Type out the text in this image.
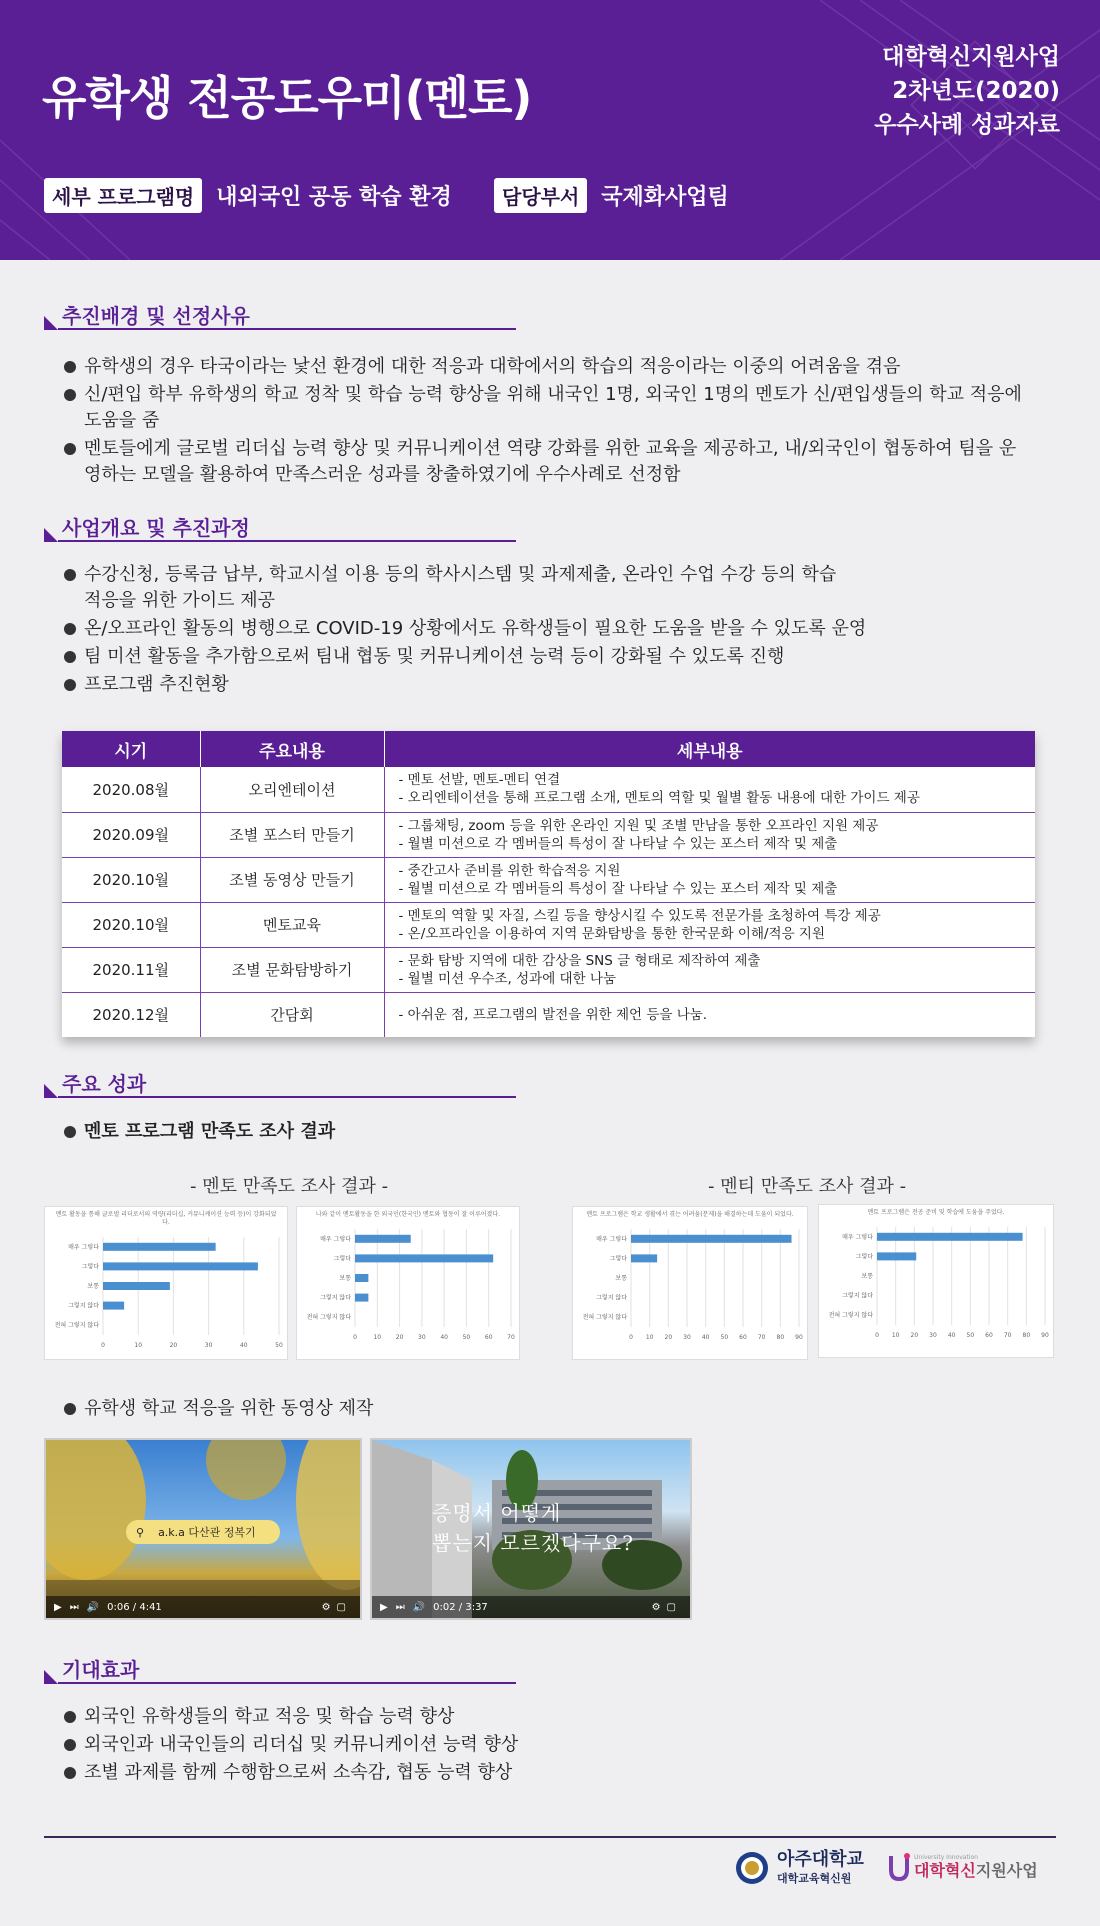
유학생 전공도우미(멘토)
대학혁신지원사업
2차년도(2020)
우수사례 성과자료
세부 프로그램명	내외국인 공동 학습 환경	담당부서	국제화사업팀
추진배경 및 선정사유
유학생의 경우 타국이라는 낯선 환경에 대한 적응과 대학에서의 학습의 적응이라는 이중의 어려움을 겪음
신/편입 학부 유학생의 학교 정착 및 학습 능력 향상을 위해 내국인 1명, 외국인 1명의 멘토가 신/편입생들의 학교 적응에 도움을 줌
멘토들에게 글로벌 리더십 능력 향상 및 커뮤니케이션 역량 강화를 위한 교육을 제공하고, 내/외국인이 협동하여 팀을 운영하는 모델을 활용하여 만족스러운 성과를 창출하였기에 우수사례로 선정함
사업개요 및 추진과정
수강신청, 등록금 납부, 학교시설 이용 등의 학사시스템 및 과제제출, 온라인 수업 수강 등의 학습 적응을 위한 가이드 제공
온/오프라인 활동의 병행으로 COVID-19 상황에서도 유학생들이 필요한 도움을 받을 수 있도록 운영
팀 미션 활동을 추가함으로써 팀내 협동 및 커뮤니케이션 능력 등이 강화될 수 있도록 진행
프로그램 추진현황
시기	주요내용	세부내용
2020.08월	오리엔테이션	- 멘토 선발, 멘토-멘티 연결
- 오리엔테이션을 통해 프로그램 소개, 멘토의 역할 및 월별 활동 내용에 대한 가이드 제공

2020.09월	조별 포스터 만들기	- 그룹채팅, zoom 등을 위한 온라인 지원 및 조별 만남을 통한 오프라인 지원 제공
- 월별 미션으로 각 멤버들의 특성이 잘 나타날 수 있는 포스터 제작 및 제출

2020.10월	조별 동영상 만들기	- 중간고사 준비를 위한 학습적응 지원
- 월별 미션으로 각 멤버들의 특성이 잘 나타날 수 있는 포스터 제작 및 제출

2020.10월	멘토교육	- 멘토의 역할 및 자질, 스킬 등을 향상시킬 수 있도록 전문가를 초청하여 특강 제공
- 온/오프라인을 이용하여 지역 문화탐방을 통한 한국문화 이해/적응 지원

2020.11월	조별 문화탐방하기	- 문화 탐방 지역에 대한 감상을 SNS 글 형태로 제작하여 제출
- 월별 미션 우수조, 성과에 대한 나눔

2020.12월	간담회	- 아쉬운 점, 프로그램의 발전을 위한 제언 등을 나눔.
주요 성과
멘토 프로그램 만족도 조사 결과
- 멘토 만족도 조사 결과 -	- 멘티 만족도 조사 결과 -
멘토 활동을 통해 글로벌 리더로서의 역량(리더십, 커뮤니케이션 능력 등)이 강화되었다.
0	10	20	30	40	50
매우 그렇다
그렇다
보통
그렇지 않다
전혀 그렇지 않다
나와 같이 멘토활동을 한 외국인(한국인) 멘토와 협동이 잘 이루어졌다.
0	10 20 30 40 50 60 70
매우 그렇다
그렇다
보통
그렇지 않다
전혀 그렇지 않다
멘토 프로그램은 학교 생활에서 겪는 어려움(문제)을 해결하는데 도움이 되었다.
0 10 20 30 40 50 60 70 80 90
매우 그렇다
그렇다
보통
그렇지 않다
전혀 그렇지 않다
멘토 프로그램은 전공 준비 및 학습에 도움을 주었다.
0 10 20 30 40 50 60 70 80 90
매우 그렇다
그렇다
보통
그렇지 않다
전혀 그렇지 않다
유학생 학교 적응을 위한 동영상 제작
⚲ a.k.a 다산관 정복기
▶ ⏭ 🔊 0:06 / 4:41	⚙▢
증명서 어떻게
뽑는지 모르겠다구요?
▶ ⏭ 🔊 0:02 / 3:37	⚙▢
기대효과
외국인 유학생들의 학교 적응 및 학습 능력 향상
외국인과 내국인들의 리더십 및 커뮤니케이션 능력 향상
조별 과제를 함께 수행함으로써 소속감, 협동 능력 향상
아주대학교
대학교육혁신원
University Innovation
대학혁신지원사업
